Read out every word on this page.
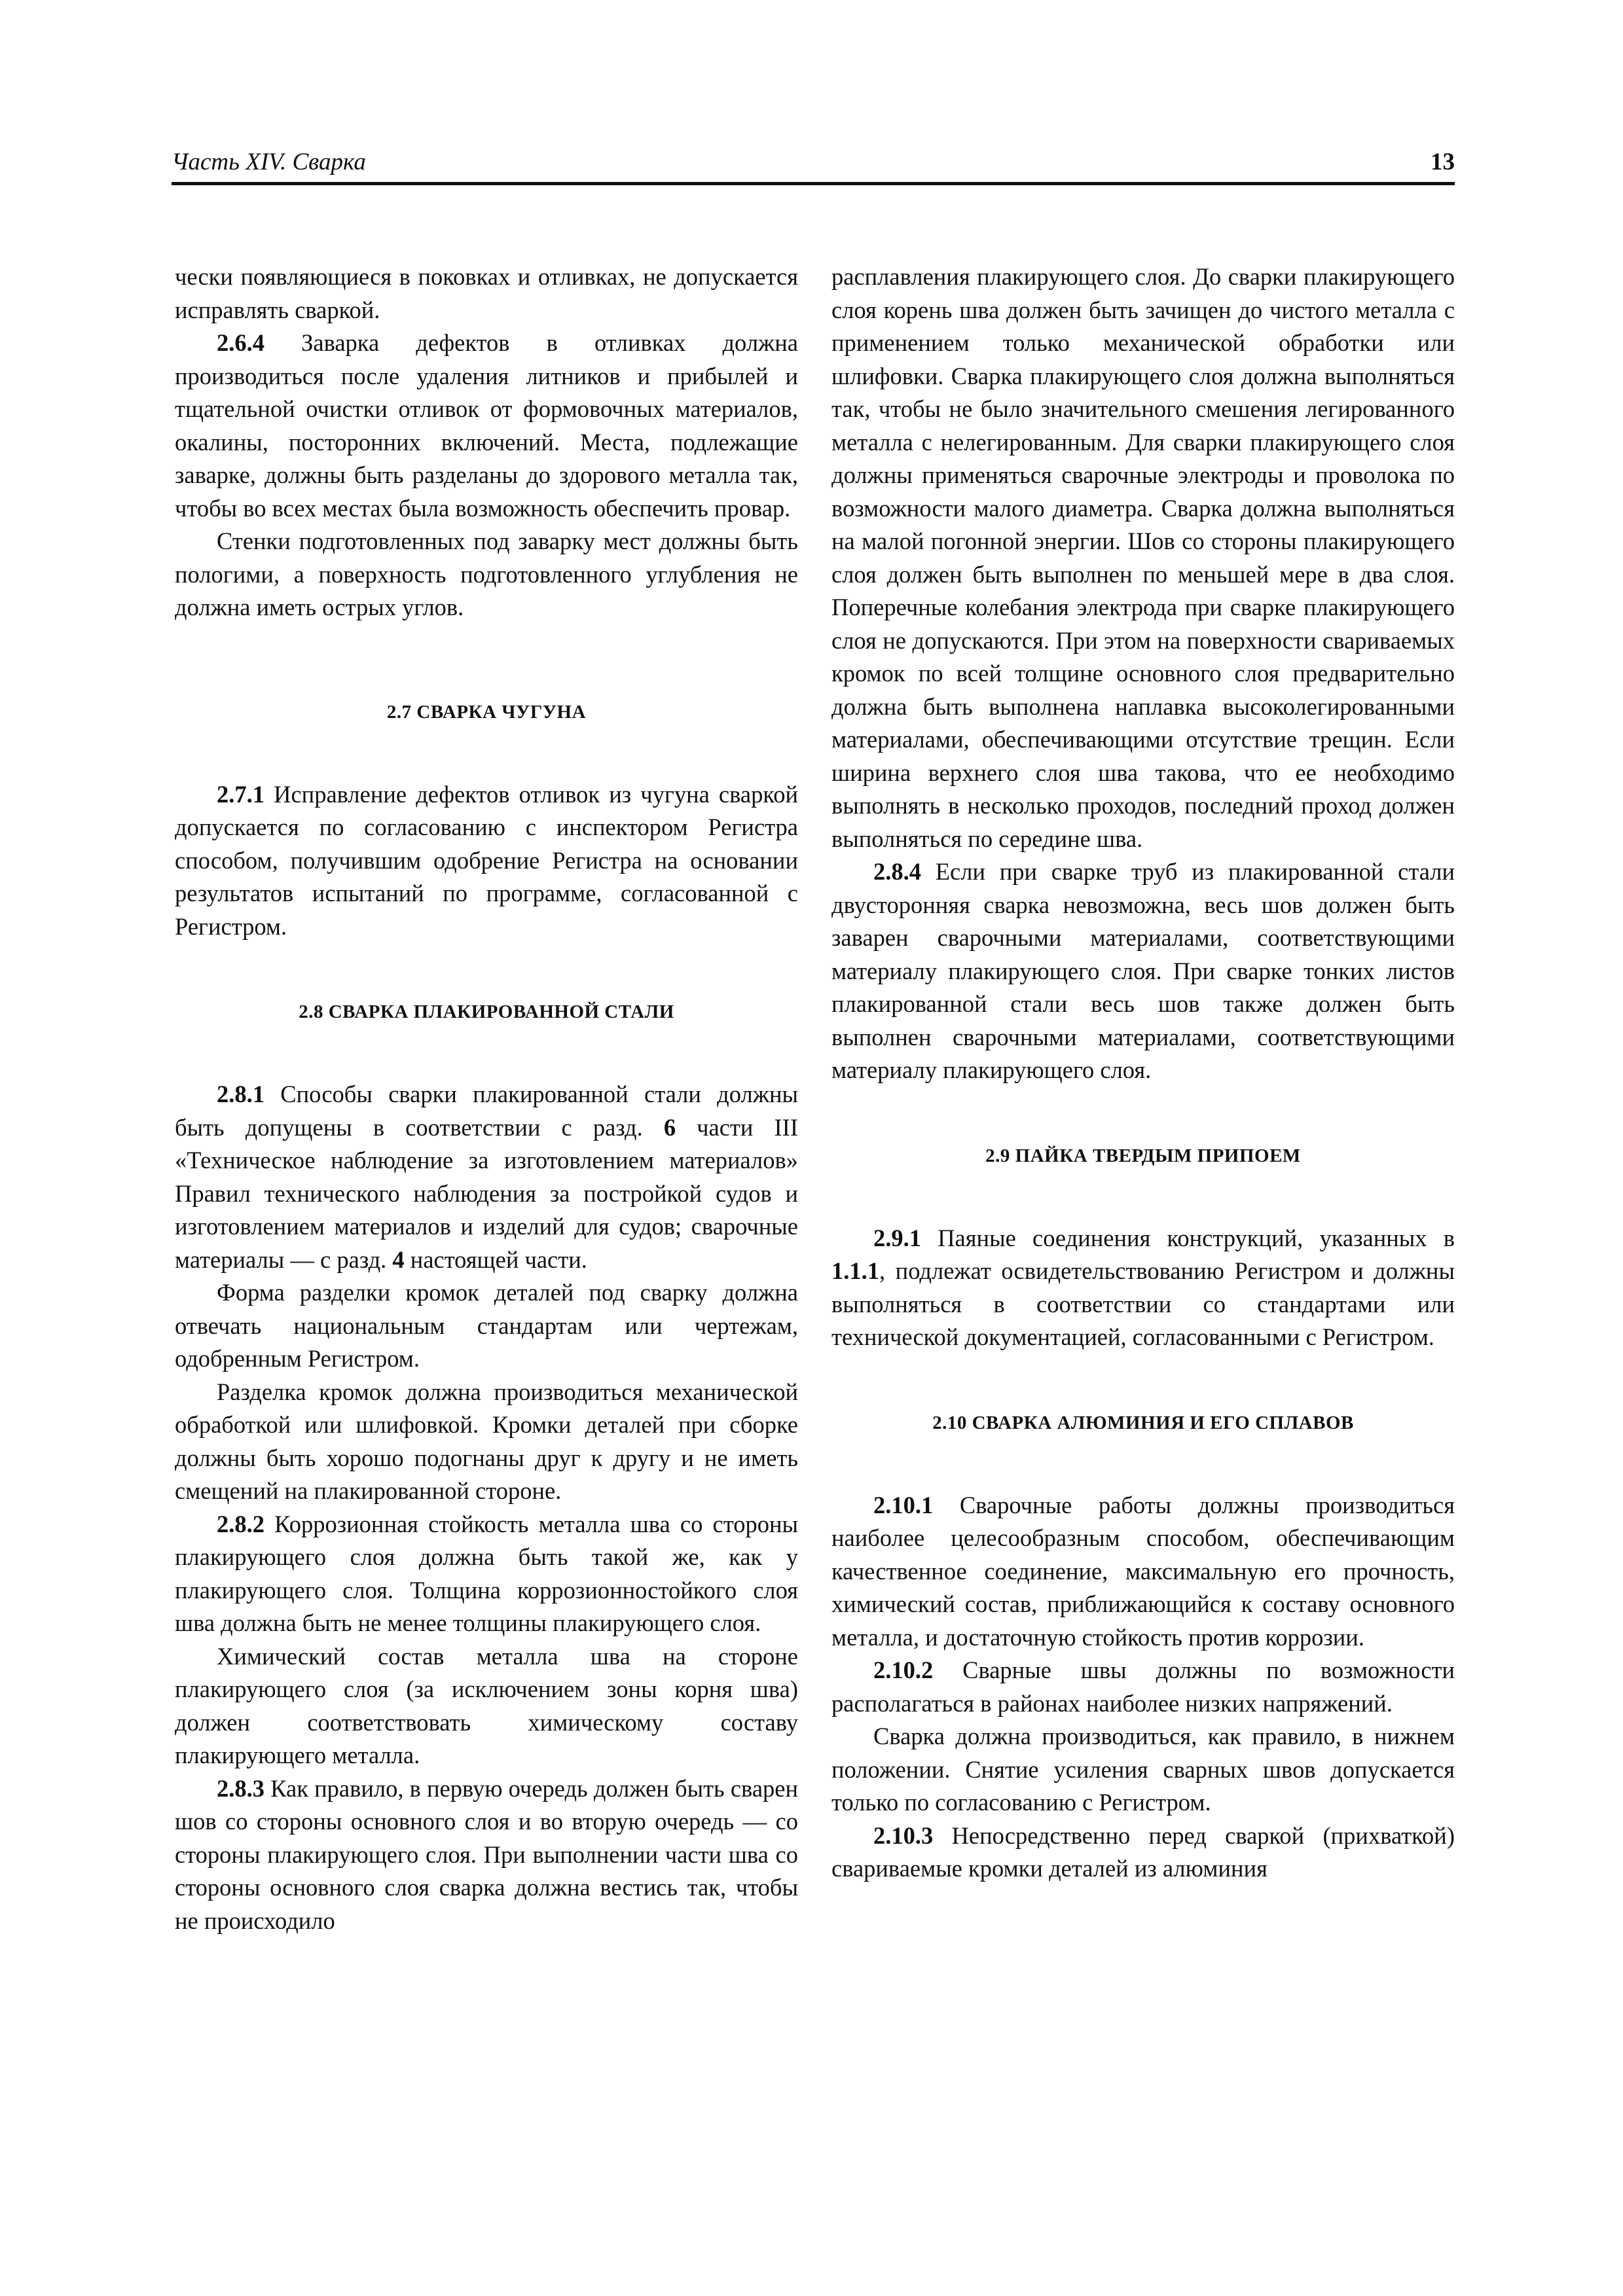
Часть XIV. Сварка	13

чески появляющиеся в поковках и отливках, не допускается исправлять сваркой.

2.6.4 Заварка дефектов в отливках должна производиться после удаления литников и прибылей и тщательной очистки отливок от формовочных материалов, окалины, посторонних включений. Места, подлежащие заварке, должны быть разделаны до здорового металла так, чтобы во всех местах была возможность обеспечить провар.

Стенки подготовленных под заварку мест должны быть пологими, а поверхность подготовленного углубления не должна иметь острых углов.

2.7 СВАРКА ЧУГУНА

2.7.1 Исправление дефектов отливок из чугуна сваркой допускается по согласованию с инспектором Регистра способом, получившим одобрение Регистра на основании результатов испытаний по программе, согласованной с Регистром.

2.8 СВАРКА ПЛАКИРОВАННОЙ СТАЛИ

2.8.1 Способы сварки плакированной стали должны быть допущены в соответствии с разд. 6 части III «Техническое наблюдение за изготовлением материалов» Правил технического наблюдения за постройкой судов и изготовлением материалов и изделий для судов; сварочные материалы — с разд. 4 настоящей части.

Форма разделки кромок деталей под сварку должна отвечать национальным стандартам или чертежам, одобренным Регистром.

Разделка кромок должна производиться механической обработкой или шлифовкой. Кромки деталей при сборке должны быть хорошо подогнаны друг к другу и не иметь смещений на плакированной стороне.

2.8.2 Коррозионная стойкость металла шва со стороны плакирующего слоя должна быть такой же, как у плакирующего слоя. Толщина коррозионностойкого слоя шва должна быть не менее толщины плакирующего слоя.

Химический состав металла шва на стороне плакирующего слоя (за исключением зоны корня шва) должен соответствовать химическому составу плакирующего металла.

2.8.3 Как правило, в первую очередь должен быть сварен шов со стороны основного слоя и во вторую очередь — со стороны плакирующего слоя. При выполнении части шва со стороны основного слоя сварка должна вестись так, чтобы не происходило

расплавления плакирующего слоя. До сварки плакирующего слоя корень шва должен быть зачищен до чистого металла с применением только механической обработки или шлифовки. Сварка плакирующего слоя должна выполняться так, чтобы не было значительного смешения легированного металла с нелегированным. Для сварки плакирующего слоя должны применяться сварочные электроды и проволока по возможности малого диаметра. Сварка должна выполняться на малой погонной энергии. Шов со стороны плакирующего слоя должен быть выполнен по меньшей мере в два слоя. Поперечные колебания электрода при сварке плакирующего слоя не допускаются. При этом на поверхности свариваемых кромок по всей толщине основного слоя предварительно должна быть выполнена наплавка высоколегированными материалами, обеспечивающими отсутствие трещин. Если ширина верхнего слоя шва такова, что ее необходимо выполнять в несколько проходов, последний проход должен выполняться по середине шва.

2.8.4 Если при сварке труб из плакированной стали двусторонняя сварка невозможна, весь шов должен быть заварен сварочными материалами, соответствующими материалу плакирующего слоя. При сварке тонких листов плакированной стали весь шов также должен быть выполнен сварочными материалами, соответствующими материалу плакирующего слоя.

2.9 ПАЙКА ТВЕРДЫМ ПРИПОЕМ

2.9.1 Паяные соединения конструкций, указанных в 1.1.1, подлежат освидетельствованию Регистром и должны выполняться в соответствии со стандартами или технической документацией, согласованными с Регистром.

2.10 СВАРКА АЛЮМИНИЯ И ЕГО СПЛАВОВ

2.10.1 Сварочные работы должны производиться наиболее целесообразным способом, обеспечивающим качественное соединение, максимальную его прочность, химический состав, приближающийся к составу основного металла, и достаточную стойкость против коррозии.

2.10.2 Сварные швы должны по возможности располагаться в районах наиболее низких напряжений.

Сварка должна производиться, как правило, в нижнем положении. Снятие усиления сварных швов допускается только по согласованию с Регистром.

2.10.3 Непосредственно перед сваркой (прихваткой) свариваемые кромки деталей из алюминия
